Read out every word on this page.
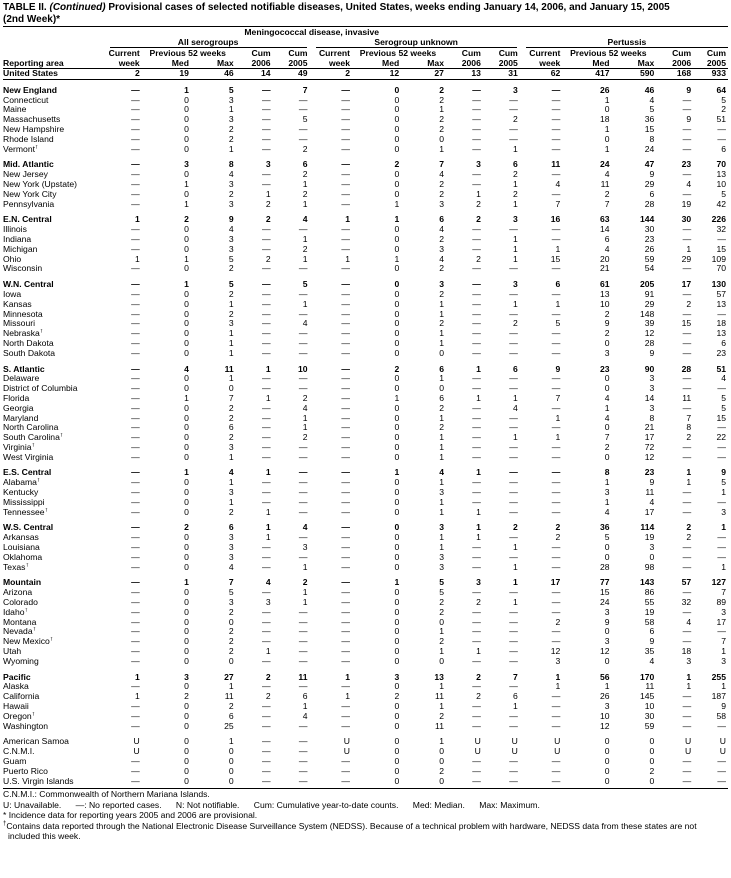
TABLE II. (Continued) Provisional cases of selected notifiable diseases, United States, weeks ending January 14, 2006, and January 15, 2005
(2nd Week)*
	Meningococcal disease, invasive														

	All serogroups					Serogroup unknown					Pertussis				

	Current	Previous 52 weeks		Cum	Cum	Current	Previous 52 weeks		Cum	Cum	Current	Previous 52 weeks		Cum	Cum
Reporting area	week	Med	Max	2006	2005	week	Med	Max	2006	2005	week	Med	Max	2006	2005
United States	2	19	46	14	49	2	12	27	13	31	62	417	590	168	933

New England	—	1	5	—	7	—	0	2	—	3	—	26	46	9	64
Connecticut	—	0	3	—	—	—	0	2	—	—	—	1	4	—	5
Maine	—	0	1	—	—	—	0	1	—	—	—	0	5	—	2
Massachusetts	—	0	3	—	5	—	0	2	—	2	—	18	36	9	51
New Hampshire	—	0	2	—	—	—	0	2	—	—	—	1	15	—	—
Rhode Island	—	0	2	—	—	—	0	0	—	—	—	0	8	—	—
Vermont†	—	0	1	—	2	—	0	1	—	1	—	1	24	—	6

Mid. Atlantic	—	3	8	3	6	—	2	7	3	6	11	24	47	23	70
New Jersey	—	0	4	—	2	—	0	4	—	2	—	4	9	—	13
New York (Upstate)	—	1	3	—	1	—	0	2	—	1	4	11	29	4	10
New York City	—	0	2	1	2	—	0	2	1	2	—	2	6	—	5
Pennsylvania	—	1	3	2	1	—	1	3	2	1	7	7	28	19	42

E.N. Central	1	2	9	2	4	1	1	6	2	3	16	63	144	30	226
Illinois	—	0	4	—	—	—	0	4	—	—	—	14	30	—	32
Indiana	—	0	3	—	1	—	0	2	—	1	—	6	23	—	—
Michigan	—	0	3	—	2	—	0	3	—	1	1	4	26	1	15
Ohio	1	1	5	2	1	1	1	4	2	1	15	20	59	29	109
Wisconsin	—	0	2	—	—	—	0	2	—	—	—	21	54	—	70

W.N. Central	—	1	5	—	5	—	0	3	—	3	6	61	205	17	130
Iowa	—	0	2	—	—	—	0	2	—	—	—	13	91	—	57
Kansas	—	0	1	—	1	—	0	1	—	1	1	10	29	2	13
Minnesota	—	0	2	—	—	—	0	1	—	—	—	2	148	—	—
Missouri	—	0	3	—	4	—	0	2	—	2	5	9	39	15	18
Nebraska†	—	0	1	—	—	—	0	1	—	—	—	2	12	—	13
North Dakota	—	0	1	—	—	—	0	1	—	—	—	0	28	—	6
South Dakota	—	0	1	—	—	—	0	0	—	—	—	3	9	—	23

S. Atlantic	—	4	11	1	10	—	2	6	1	6	9	23	90	28	51
Delaware	—	0	1	—	—	—	0	1	—	—	—	0	3	—	4
District of Columbia	—	0	0	—	—	—	0	0	—	—	—	0	3	—	—
Florida	—	1	7	1	2	—	1	6	1	1	7	4	14	11	5
Georgia	—	0	2	—	4	—	0	2	—	4	—	1	3	—	5
Maryland	—	0	2	—	1	—	0	1	—	—	1	4	8	7	15
North Carolina	—	0	6	—	1	—	0	2	—	—	—	0	21	8	—
South Carolina†	—	0	2	—	2	—	0	1	—	1	1	7	17	2	22
Virginia†	—	0	3	—	—	—	0	1	—	—	—	2	72	—	—
West Virginia	—	0	1	—	—	—	0	1	—	—	—	0	12	—	—

E.S. Central	—	1	4	1	—	—	1	4	1	—	—	8	23	1	9
Alabama†	—	0	1	—	—	—	0	1	—	—	—	1	9	1	5
Kentucky	—	0	3	—	—	—	0	3	—	—	—	3	11	—	1
Mississippi	—	0	1	—	—	—	0	1	—	—	—	1	4	—	—
Tennessee†	—	0	2	1	—	—	0	1	1	—	—	4	17	—	3

W.S. Central	—	2	6	1	4	—	0	3	1	2	2	36	114	2	1
Arkansas	—	0	3	1	—	—	0	1	1	—	2	5	19	2	—
Louisiana	—	0	3	—	3	—	0	1	—	1	—	0	3	—	—
Oklahoma	—	0	3	—	—	—	0	3	—	—	—	0	0	—	—
Texas†	—	0	4	—	1	—	0	3	—	1	—	28	98	—	1

Mountain	—	1	7	4	2	—	1	5	3	1	17	77	143	57	127
Arizona	—	0	5	—	1	—	0	5	—	—	—	15	86	—	7
Colorado	—	0	3	3	1	—	0	2	2	1	—	24	55	32	89
Idaho†	—	0	2	—	—	—	0	2	—	—	—	3	19	—	3
Montana	—	0	0	—	—	—	0	0	—	—	2	9	58	4	17
Nevada†	—	0	2	—	—	—	0	1	—	—	—	0	6	—	—
New Mexico†	—	0	2	—	—	—	0	2	—	—	—	3	9	—	7
Utah	—	0	2	1	—	—	0	1	1	—	12	12	35	18	1
Wyoming	—	0	0	—	—	—	0	0	—	—	3	0	4	3	3

Pacific	1	3	27	2	11	1	3	13	2	7	1	56	170	1	255
Alaska	—	0	1	—	—	—	0	1	—	—	1	1	11	1	1
California	1	2	11	2	6	1	2	11	2	6	—	26	145	—	187
Hawaii	—	0	2	—	1	—	0	1	—	1	—	3	10	—	9
Oregon†	—	0	6	—	4	—	0	2	—	—	—	10	30	—	58
Washington	—	0	25	—	—	—	0	11	—	—	—	12	59	—	—

American Samoa	U	0	1	—	—	U	0	1	U	U	U	0	0	U	U
C.N.M.I.	U	0	0	—	—	U	0	0	U	U	U	0	0	U	U
Guam	—	0	0	—	—	—	0	0	—	—	—	0	0	—	—
Puerto Rico	—	0	0	—	—	—	0	2	—	—	—	0	2	—	—
U.S. Virgin Islands	—	0	0	—	—	—	0	0	—	—	—	0	0	—	—

C.N.M.I.: Commonwealth of Northern Mariana Islands.

U: Unavailable.      —: No reported cases.      N: Not notifiable.      Cum: Cumulative year-to-date counts.      Med: Median.      Max: Maximum.

* Incidence data for reporting years 2005 and 2006 are provisional.

†Contains data reported through the National Electronic Disease Surveillance System (NEDSS). Because of a technical problem with hardware, NEDSS data from these states are not included this week.
